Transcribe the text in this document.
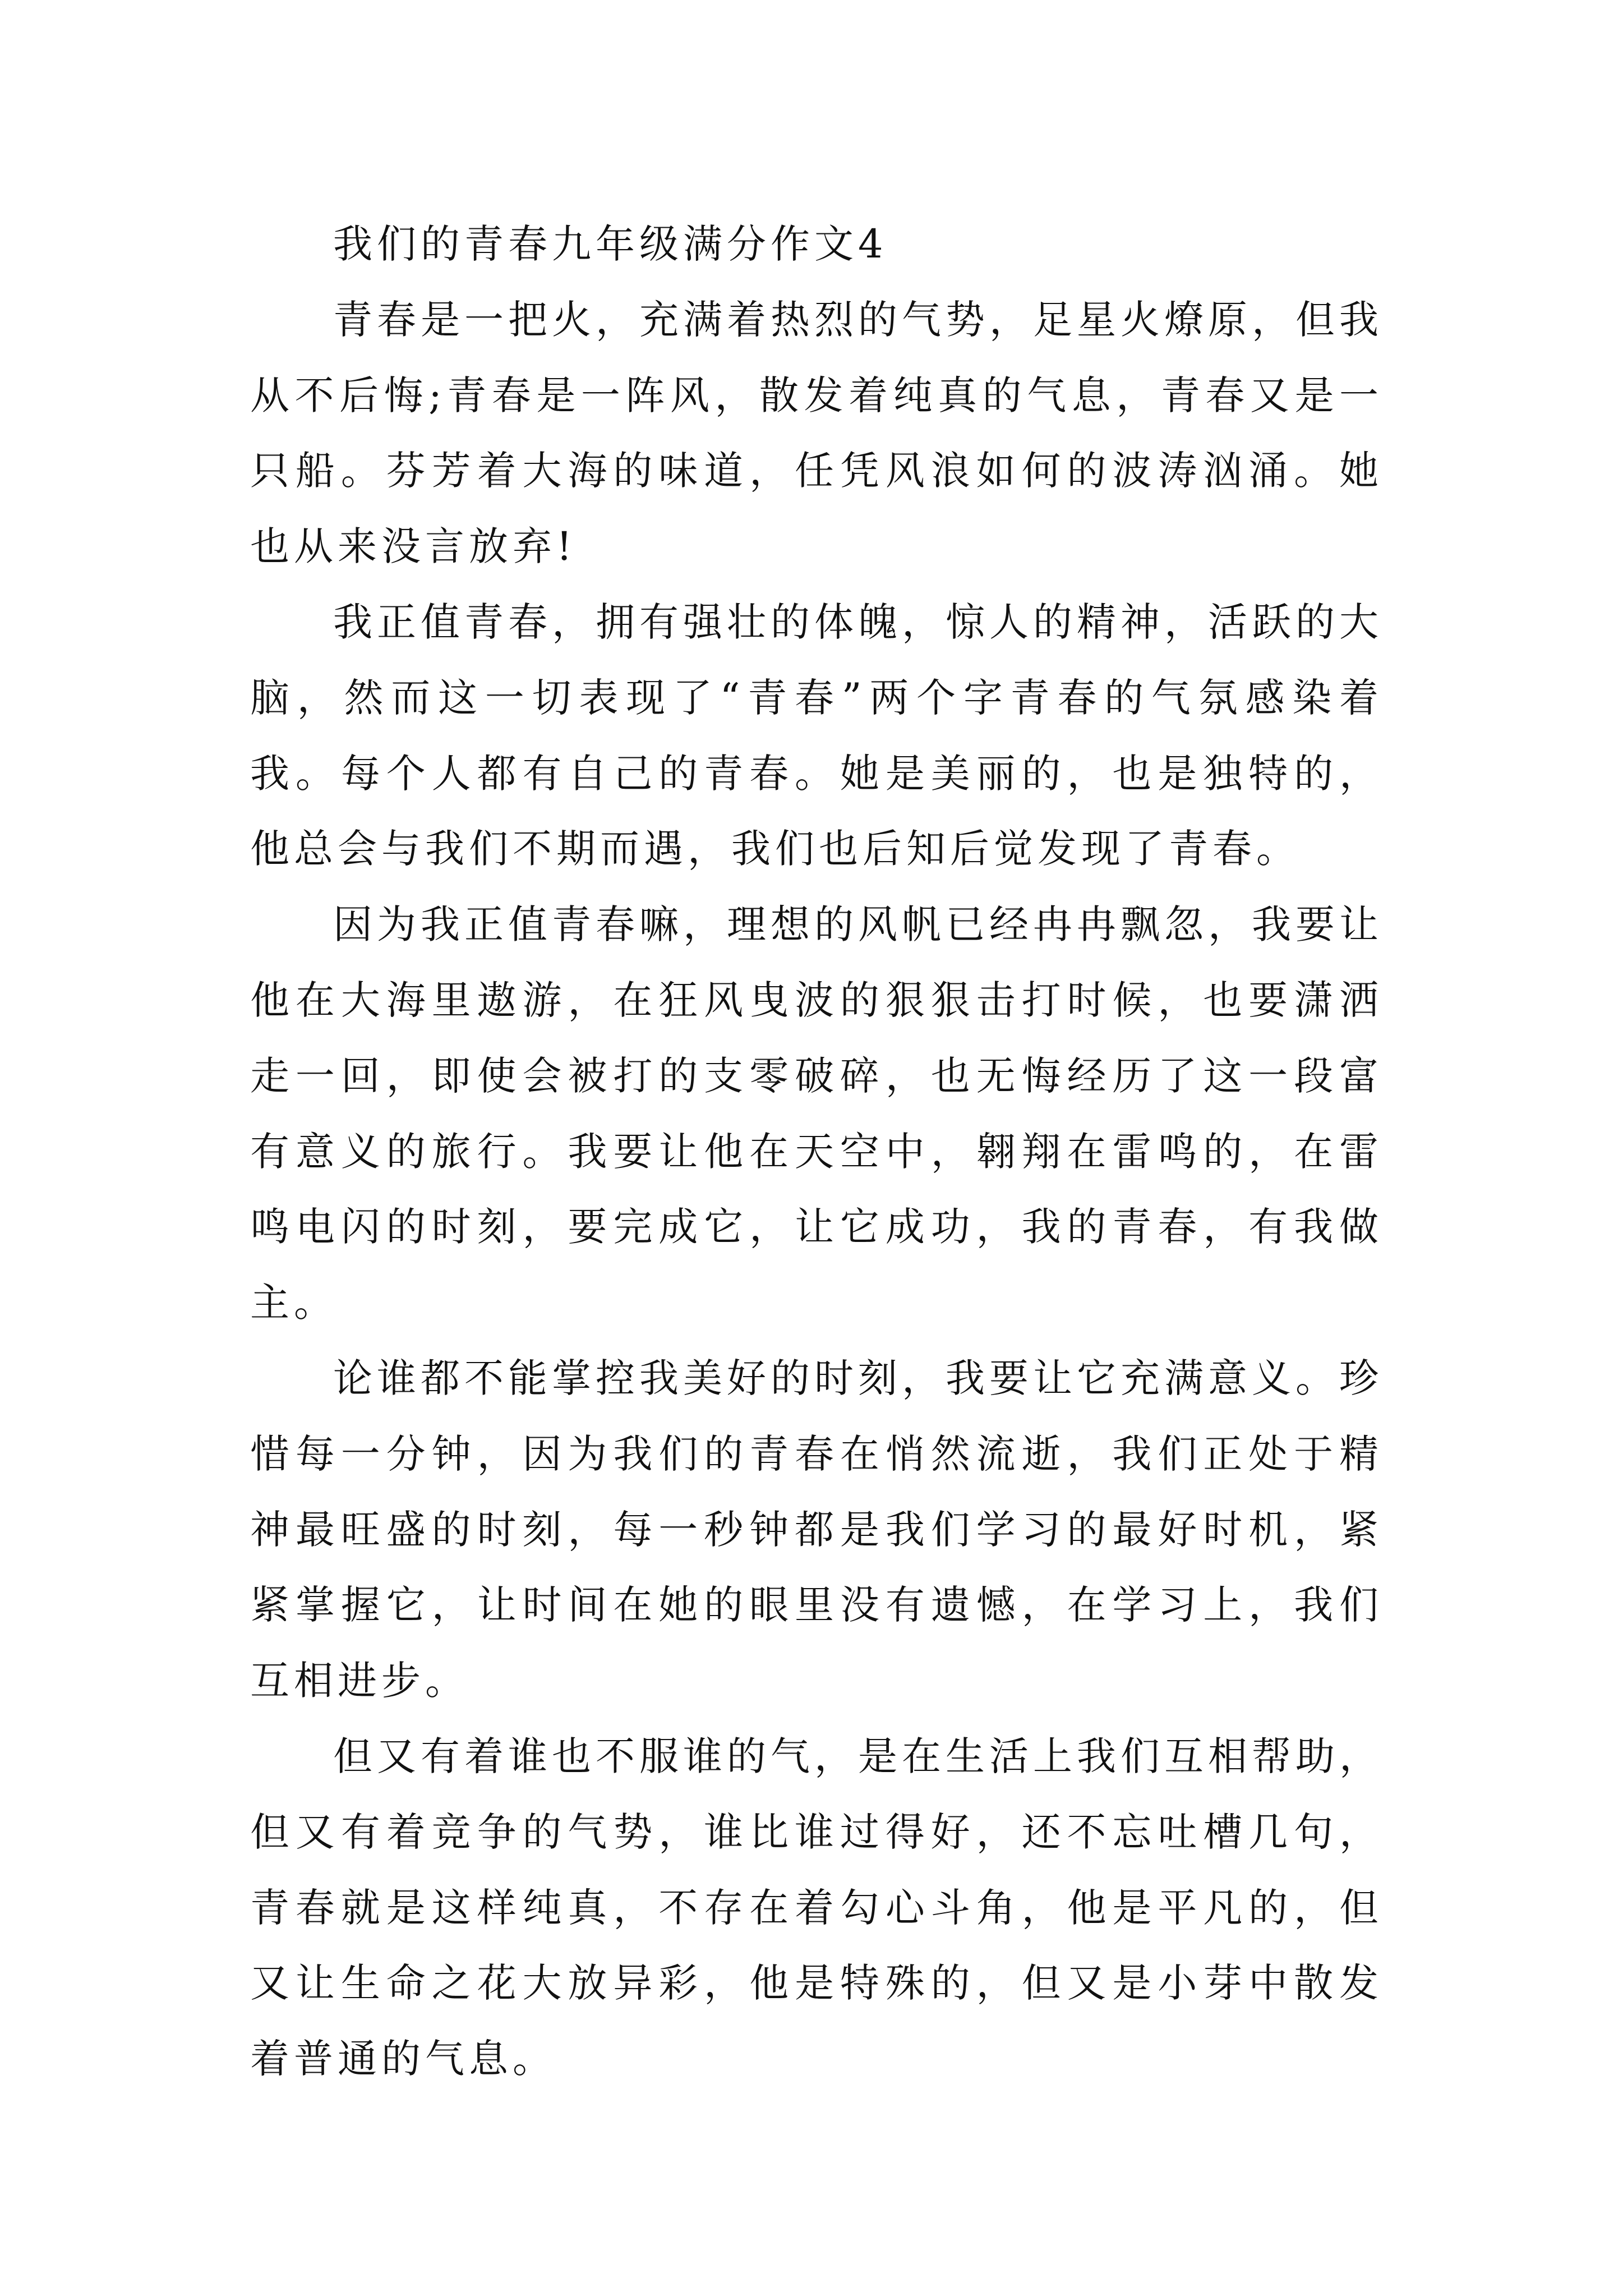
我们的青春九年级满分作文4

青春是一把火，充满着热烈的气势，足星火燎原，但我从不后悔;青春是一阵风，散发着纯真的气息，青春又是一只船。芬芳着大海的味道，任凭风浪如何的波涛汹涌。她也从来没言放弃!

我正值青春，拥有强壮的体魄，惊人的精神，活跃的大脑，然而这一切表现了“青春”两个字青春的气氛感染着我。每个人都有自己的青春。她是美丽的，也是独特的，他总会与我们不期而遇，我们也后知后觉发现了青春。

因为我正值青春嘛，理想的风帆已经冉冉飘忽，我要让他在大海里遨游，在狂风曳波的狠狠击打时候，也要潇洒走一回，即使会被打的支零破碎，也无悔经历了这一段富有意义的旅行。我要让他在天空中，翱翔在雷鸣的，在雷鸣电闪的时刻，要完成它，让它成功，我的青春，有我做主。

论谁都不能掌控我美好的时刻，我要让它充满意义。珍惜每一分钟，因为我们的青春在悄然流逝，我们正处于精神最旺盛的时刻，每一秒钟都是我们学习的最好时机，紧紧掌握它，让时间在她的眼里没有遗憾，在学习上，我们互相进步。

但又有着谁也不服谁的气，是在生活上我们互相帮助，但又有着竞争的气势，谁比谁过得好，还不忘吐槽几句，青春就是这样纯真，不存在着勾心斗角，他是平凡的，但又让生命之花大放异彩，他是特殊的，但又是小芽中散发着普通的气息。
